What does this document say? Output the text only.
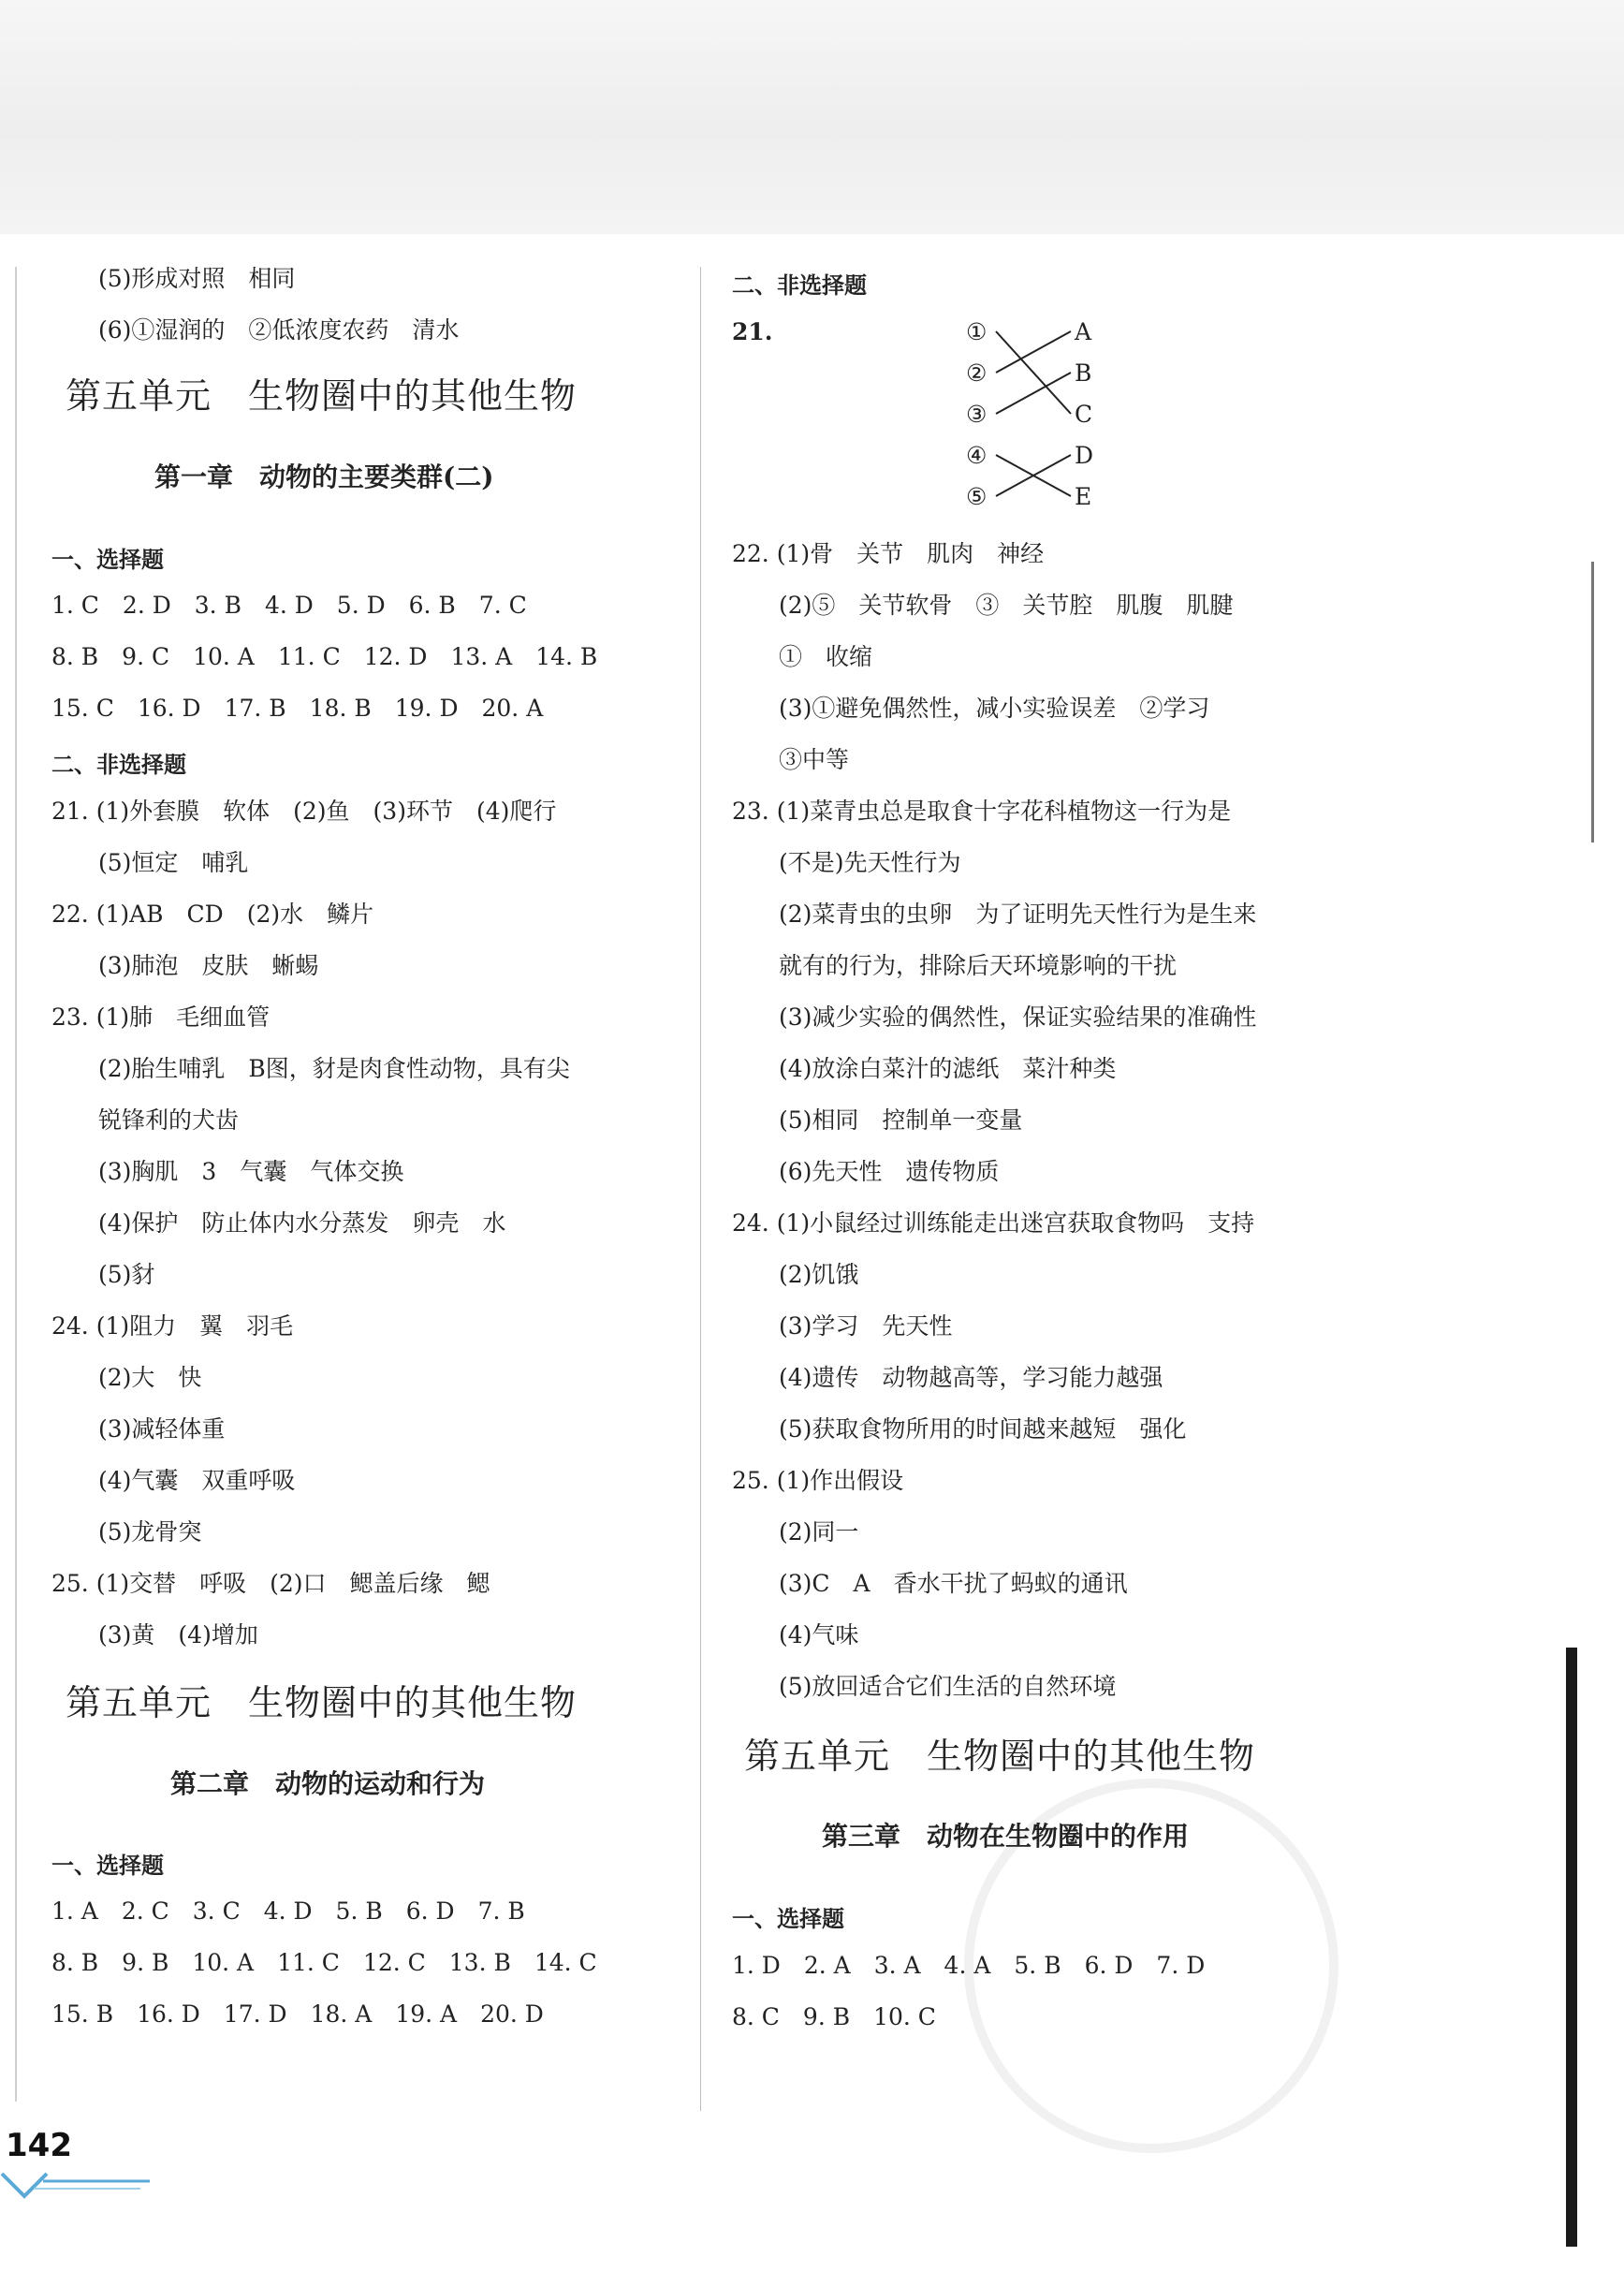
(5)形成对照　相同
(6)①湿润的　②低浓度农药　清水
第五单元　生物圈中的其他生物
第一章　动物的主要类群(二)
一、选择题
1. C　2. D　3. B　4. D　5. D　6. B　7. C
8. B　9. C　10. A　11. C　12. D　13. A　14. B
15. C　16. D　17. B　18. B　19. D　20. A
二、非选择题
21. (1)外套膜　软体　(2)鱼　(3)环节　(4)爬行
　　(5)恒定　哺乳
22. (1)AB　CD　(2)水　鳞片
　　(3)肺泡　皮肤　蜥蜴
23. (1)肺　毛细血管
　　(2)胎生哺乳　B图，豺是肉食性动物，具有尖
　　锐锋利的犬齿
　　(3)胸肌　3　气囊　气体交换
　　(4)保护　防止体内水分蒸发　卵壳　水
　　(5)豺
24. (1)阻力　翼　羽毛
　　(2)大　快
　　(3)减轻体重
　　(4)气囊　双重呼吸
　　(5)龙骨突
25. (1)交替　呼吸　(2)口　鳃盖后缘　鳃
　　(3)黄　(4)增加
第五单元　生物圈中的其他生物
第二章　动物的运动和行为
一、选择题
1. A　2. C　3. C　4. D　5. B　6. D　7. B
8. B　9. B　10. A　11. C　12. C　13. B　14. C
15. B　16. D　17. D　18. A　19. A　20. D
二、非选择题
21.	①
②
③
④
⑤
A
B
C
D
E
22. (1)骨　关节　肌肉　神经
　　(2)⑤　关节软骨　③　关节腔　肌腹　肌腱
　　①　收缩
　　(3)①避免偶然性，减小实验误差　②学习
　　③中等
23. (1)菜青虫总是取食十字花科植物这一行为是
　　(不是)先天性行为
　　(2)菜青虫的虫卵　为了证明先天性行为是生来
　　就有的行为，排除后天环境影响的干扰
　　(3)减少实验的偶然性，保证实验结果的准确性
　　(4)放涂白菜汁的滤纸　菜汁种类
　　(5)相同　控制单一变量
　　(6)先天性　遗传物质
24. (1)小鼠经过训练能走出迷宫获取食物吗　支持
　　(2)饥饿
　　(3)学习　先天性
　　(4)遗传　动物越高等，学习能力越强
　　(5)获取食物所用的时间越来越短　强化
25. (1)作出假设
　　(2)同一
　　(3)C　A　香水干扰了蚂蚁的通讯
　　(4)气味
　　(5)放回适合它们生活的自然环境
第五单元　生物圈中的其他生物
第三章　动物在生物圈中的作用
一、选择题
1. D　2. A　3. A　4. A　5. B　6. D　7. D
8. C　9. B　10. C
142
